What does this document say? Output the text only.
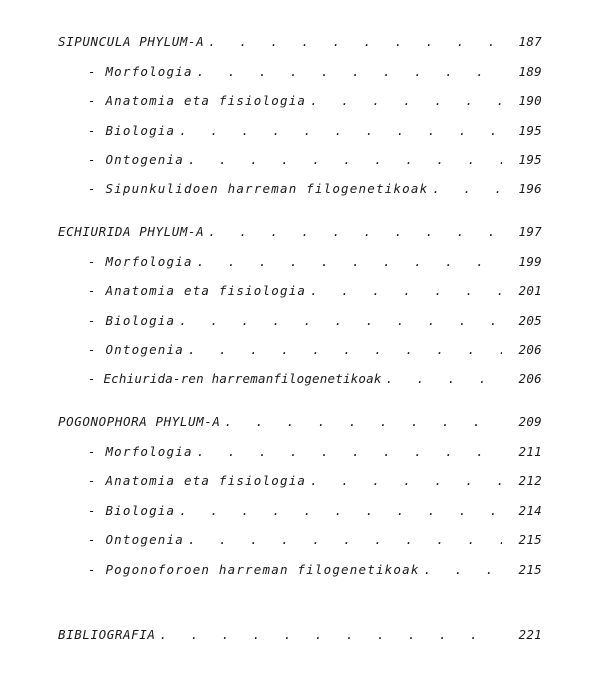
SIPUNCULA PHYLUM-A . . .	187
- Morfologia . . .	189
- Anatomia eta fisiologia . . .	190
- Biologia . . .	195
- Ontogenia . . .	195
- Sipunkulidoen harreman filogenetikoak . . .	196
ECHIURIDA PHYLUM-A . . .	197
- Morfologia . . .	199
- Anatomia eta fisiologia . . .	201
- Biologia . . .	205
- Ontogenia . . .	206
- Echiurida-ren harremanfilogenetikoak . . .	206
POGONOPHORA PHYLUM-A . . .	209
- Morfologia . . .	211
- Anatomia eta fisiologia . . .	212
- Biologia . . .	214
- Ontogenia . . .	215
- Pogonoforoen harreman filogenetikoak . . .	215
BIBLIOGRAFIA . . .	221
